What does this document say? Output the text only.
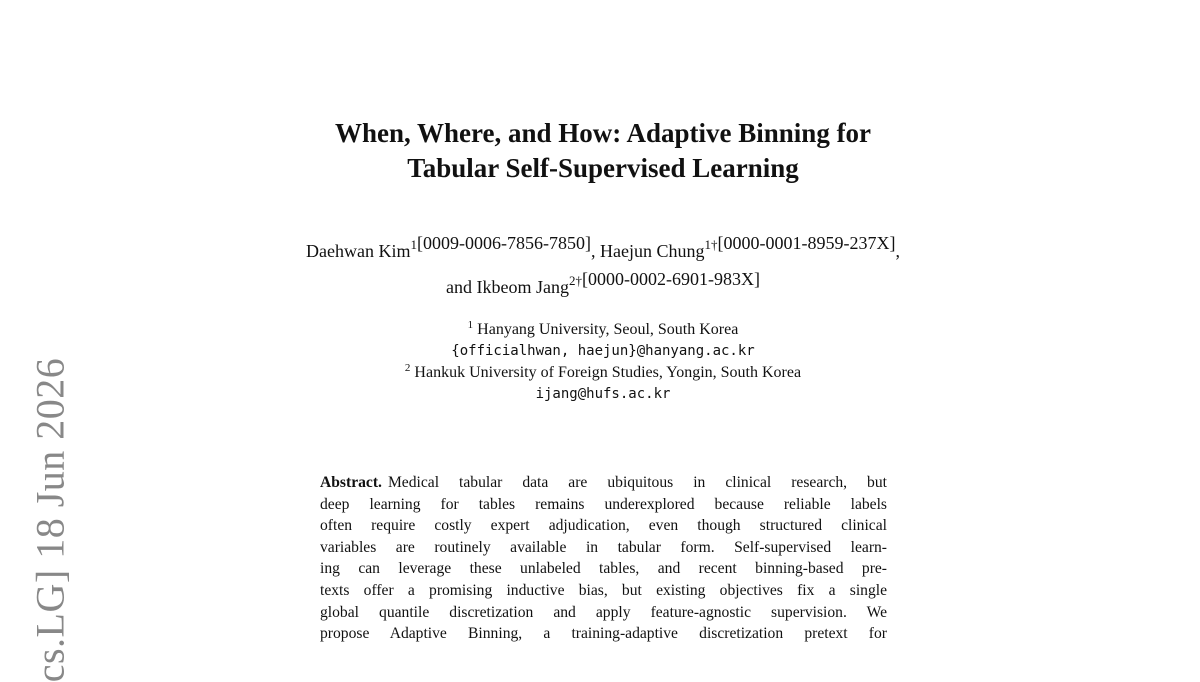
cs.LG] 18 Jun 2026
When, Where, and How: Adaptive Binning for
Tabular Self-Supervised Learning
Daehwan Kim$^1$[0009-0006-7856-7850], Haejun Chung$^{1\dagger}$[0000-0001-8959-237X],
and Ikbeom Jang$^{2\dagger}$[0000-0002-6901-983X]
$^1$ Hanyang University, Seoul, South Korea
{officialhwan, haejun}@hanyang.ac.kr
$^2$ Hankuk University of Foreign Studies, Yongin, South Korea
ijang@hufs.ac.kr
Abstract. Medical tabular data are ubiquitous in clinical research, but
deep learning for tables remains underexplored because reliable labels
often require costly expert adjudication, even though structured clinical
variables are routinely available in tabular form. Self-supervised learn-
ing can leverage these unlabeled tables, and recent binning-based pre-
texts offer a promising inductive bias, but existing objectives fix a single
global quantile discretization and apply feature-agnostic supervision. We
propose Adaptive Binning, a training-adaptive discretization pretext for
